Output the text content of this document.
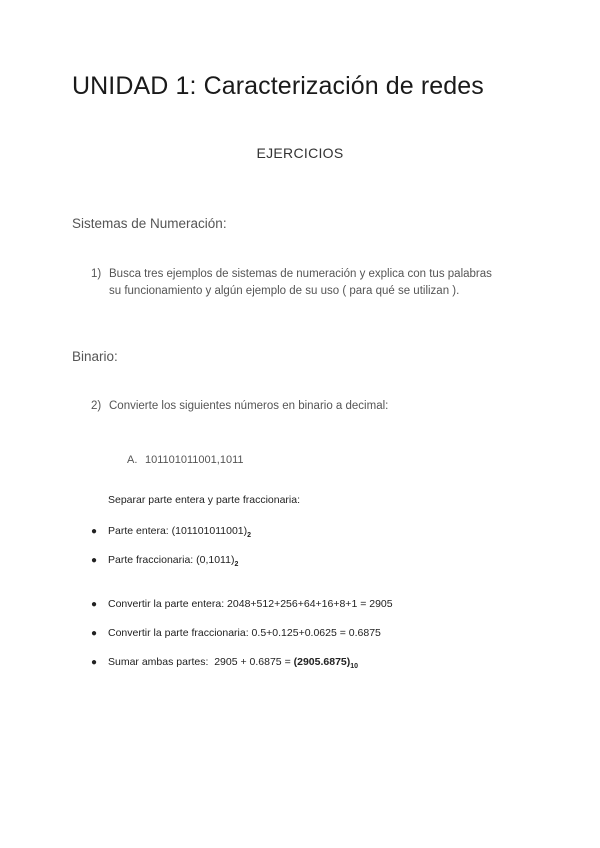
UNIDAD 1: Caracterización de redes
EJERCICIOS
Sistemas de Numeración:
1) Busca tres ejemplos de sistemas de numeración y explica con tus palabras
su funcionamiento y algún ejemplo de su uso ( para qué se utilizan ).
Binario:
2) Convierte los siguientes números en binario a decimal:
A. 101101011001,1011
Separar parte entera y parte fraccionaria:
● Parte entera: $(101101011001)_2$
● Parte fraccionaria: $(0,1011)_2$
● Convertir la parte entera: 2048+512+256+64+16+8+1 = 2905
● Convertir la parte fraccionaria: 0.5+0.125+0.0625 = 0.6875
● Sumar ambas partes:  $2905 + 0.6875 = (2905.6875)_{10}$
